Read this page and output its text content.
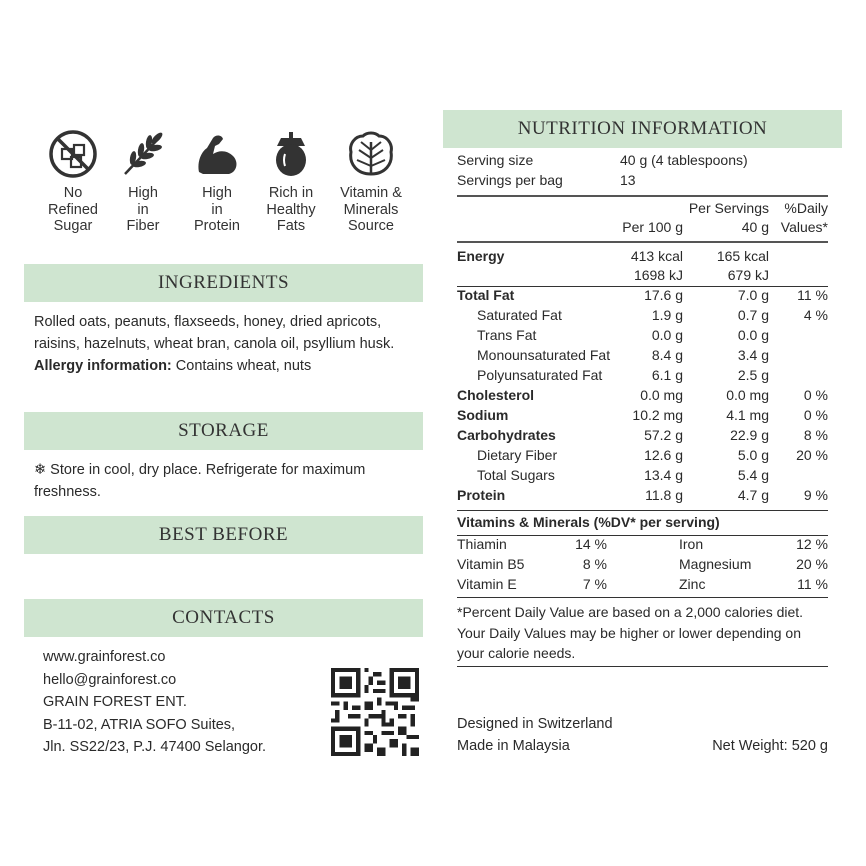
No
Refined
Sugar
High
in
Fiber
High
in
Protein
Rich in
Healthy
Fats
Vitamin &
Minerals
Source
INGREDIENTS
Rolled oats, peanuts, flaxseeds, honey, dried apricots, raisins, hazelnuts, wheat bran, canola oil, psyllium husk.
Allergy information: Contains wheat, nuts
STORAGE
❄ Store in cool, dry place. Refrigerate for maximum freshness.
BEST BEFORE
CONTACTS
www.grainforest.co
hello@grainforest.co
GRAIN FOREST ENT.
B-11-02, ATRIA SOFO Suites,
Jln. SS22/23, P.J. 47400 Selangor.
NUTRITION INFORMATION
Serving size	40 g (4 tablespoons)
Servings per bag	13
Per Servings %Daily
Per 100 g	40 g Values*
Energy	413 kcal 165 kcal
1698 kJ	679 kJ
Total Fat	17.6 g	7.0 g 11 %
Saturated Fat	1.9 g	0.7 g 4 %
Trans Fat	0.0 g	0.0 g
Monounsaturated Fat	8.4 g	3.4 g
Polyunsaturated Fat	6.1 g	2.5 g
Cholesterol	0.0 mg	0.0 mg 0 %
Sodium	10.2 mg	4.1 mg 0 %
Carbohydrates	57.2 g	22.9 g 8 %
Dietary Fiber	12.6 g	5.0 g 20 %
Total Sugars	13.4 g	5.4 g
Protein	11.8 g	4.7 g 9 %
Vitamins & Minerals (%DV* per serving)
Thiamin	14 %	Iron	12 %
Vitamin B5	8 %	Magnesium	20 %
Vitamin E	7 %	Zinc	11 %
*Percent Daily Value are based on a 2,000 calories diet. Your Daily Values may be higher or lower depending on your calorie needs.
Designed in Switzerland
Made in Malaysia	Net Weight: 520 g
